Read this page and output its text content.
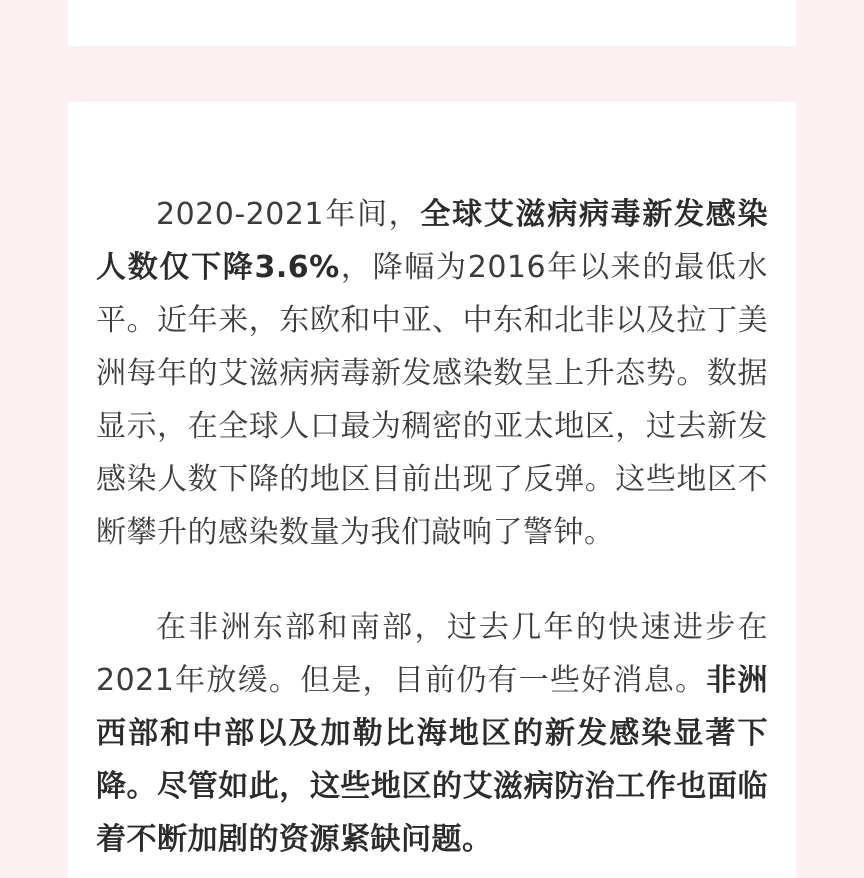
2020-2021年间，全球艾滋病病毒新发感染人数仅下降3.6%，降幅为2016年以来的最低水平。近年来，东欧和中亚、中东和北非以及拉丁美洲每年的艾滋病病毒新发感染数呈上升态势。数据显示，在全球人口最为稠密的亚太地区，过去新发感染人数下降的地区目前出现了反弹。这些地区不断攀升的感染数量为我们敲响了警钟。

在非洲东部和南部，过去几年的快速进步在2021年放缓。但是，目前仍有一些好消息。非洲西部和中部以及加勒比海地区的新发感染显著下降。尽管如此，这些地区的艾滋病防治工作也面临着不断加剧的资源紧缺问题。
